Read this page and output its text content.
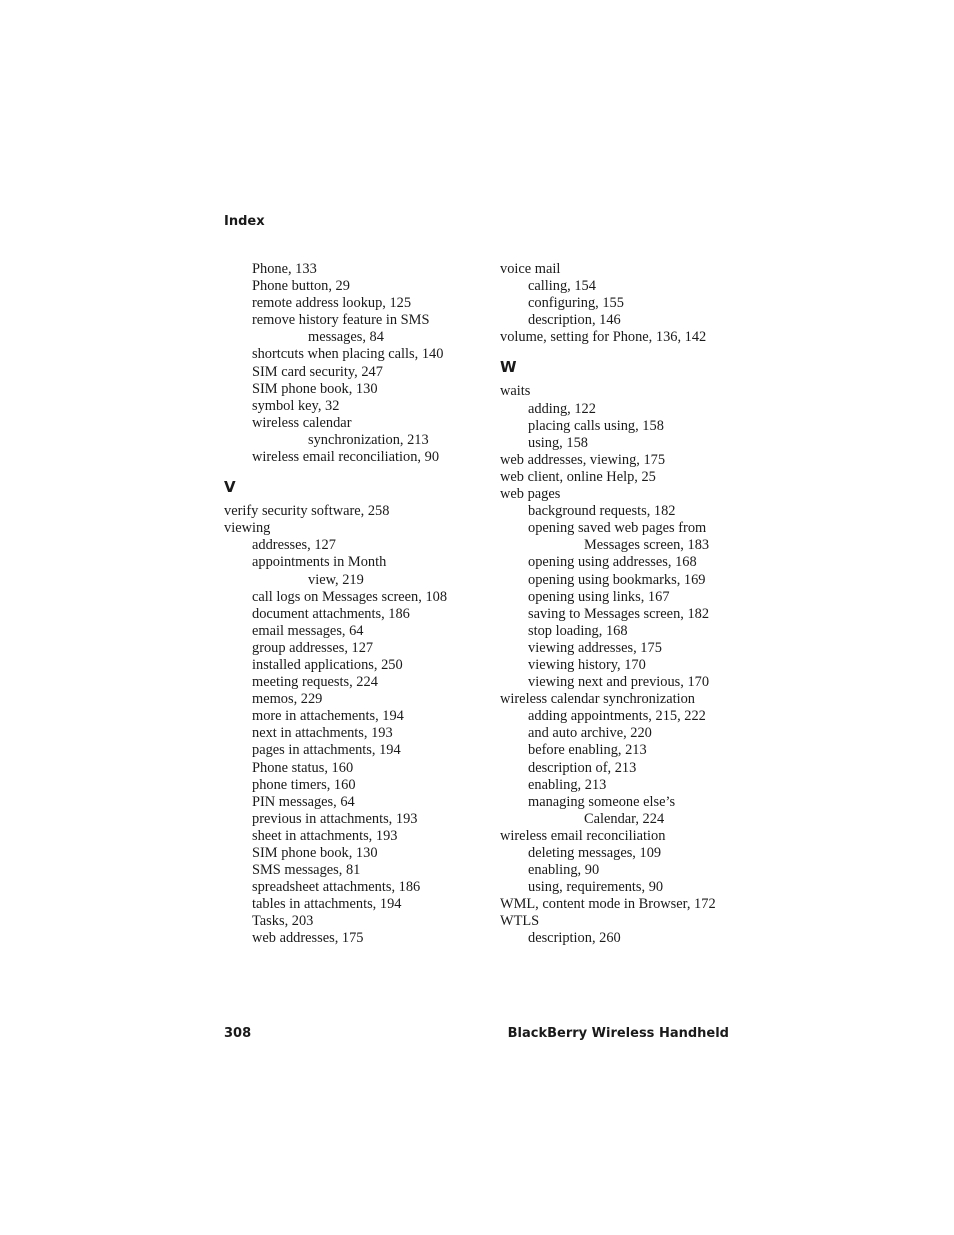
Index
Phone, 133
Phone button, 29
remote address lookup, 125
remove history feature in SMS
messages, 84
shortcuts when placing calls, 140
SIM card security, 247
SIM phone book, 130
symbol key, 32
wireless calendar
synchronization, 213
wireless email reconciliation, 90
V
verify security software, 258
viewing
addresses, 127
appointments in Month
view, 219
call logs on Messages screen, 108
document attachments, 186
email messages, 64
group addresses, 127
installed applications, 250
meeting requests, 224
memos, 229
more in attachements, 194
next in attachments, 193
pages in attachments, 194
Phone status, 160
phone timers, 160
PIN messages, 64
previous in attachments, 193
sheet in attachments, 193
SIM phone book, 130
SMS messages, 81
spreadsheet attachments, 186
tables in attachments, 194
Tasks, 203
web addresses, 175
voice mail
calling, 154
configuring, 155
description, 146
volume, setting for Phone, 136, 142
W
waits
adding, 122
placing calls using, 158
using, 158
web addresses, viewing, 175
web client, online Help, 25
web pages
background requests, 182
opening saved web pages from
Messages screen, 183
opening using addresses, 168
opening using bookmarks, 169
opening using links, 167
saving to Messages screen, 182
stop loading, 168
viewing addresses, 175
viewing history, 170
viewing next and previous, 170
wireless calendar synchronization
adding appointments, 215, 222
and auto archive, 220
before enabling, 213
description of, 213
enabling, 213
managing someone else’s
Calendar, 224
wireless email reconciliation
deleting messages, 109
enabling, 90
using, requirements, 90
WML, content mode in Browser, 172
WTLS
description, 260
308	BlackBerry Wireless Handheld
